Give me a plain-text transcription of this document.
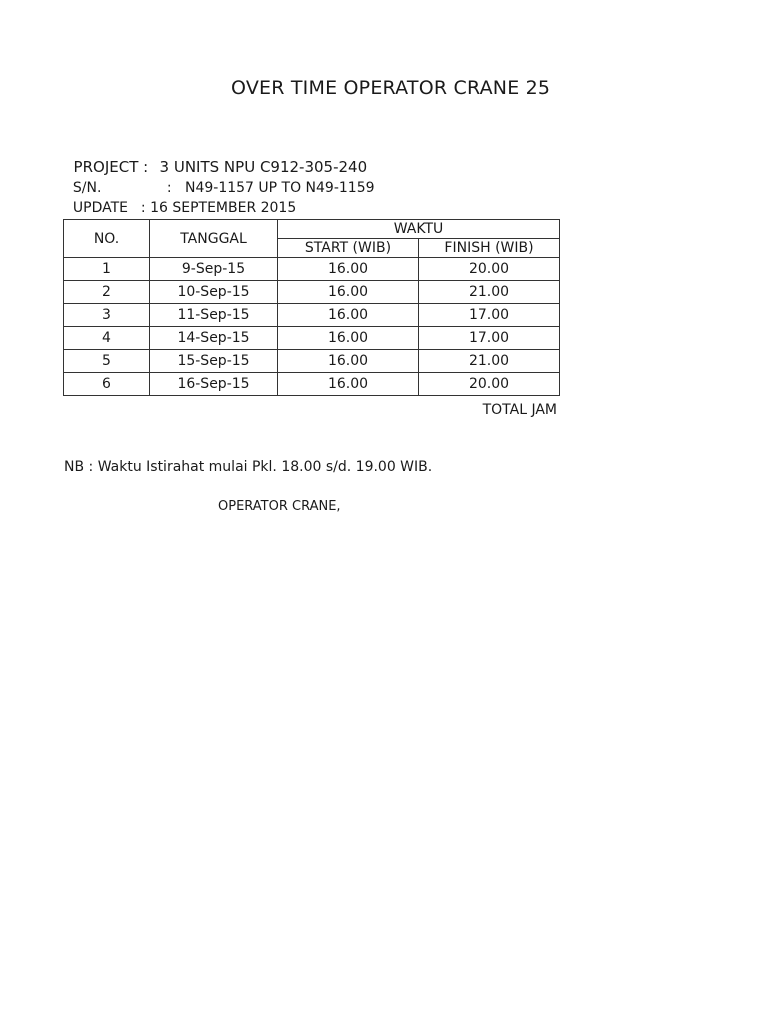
OVER TIME OPERATOR CRANE 25

PROJECT : 3 UNITS NPU C912-305-240

S/N.	:   N49-1157 UP TO N49-1159

UPDATE : 16 SEPTEMBER 2015

NO.	TANGGAL	WAKTU	
		START (WIB)	FINISH (WIB)
1	9-Sep-15	16.00	20.00
2	10-Sep-15	16.00	21.00
3	11-Sep-15	16.00	17.00
4	14-Sep-15	16.00	17.00
5	15-Sep-15	16.00	21.00
6	16-Sep-15	16.00	20.00
TOTAL JAM
NB : Waktu Istirahat mulai Pkl. 18.00 s/d. 19.00 WIB.
OPERATOR CRANE,
